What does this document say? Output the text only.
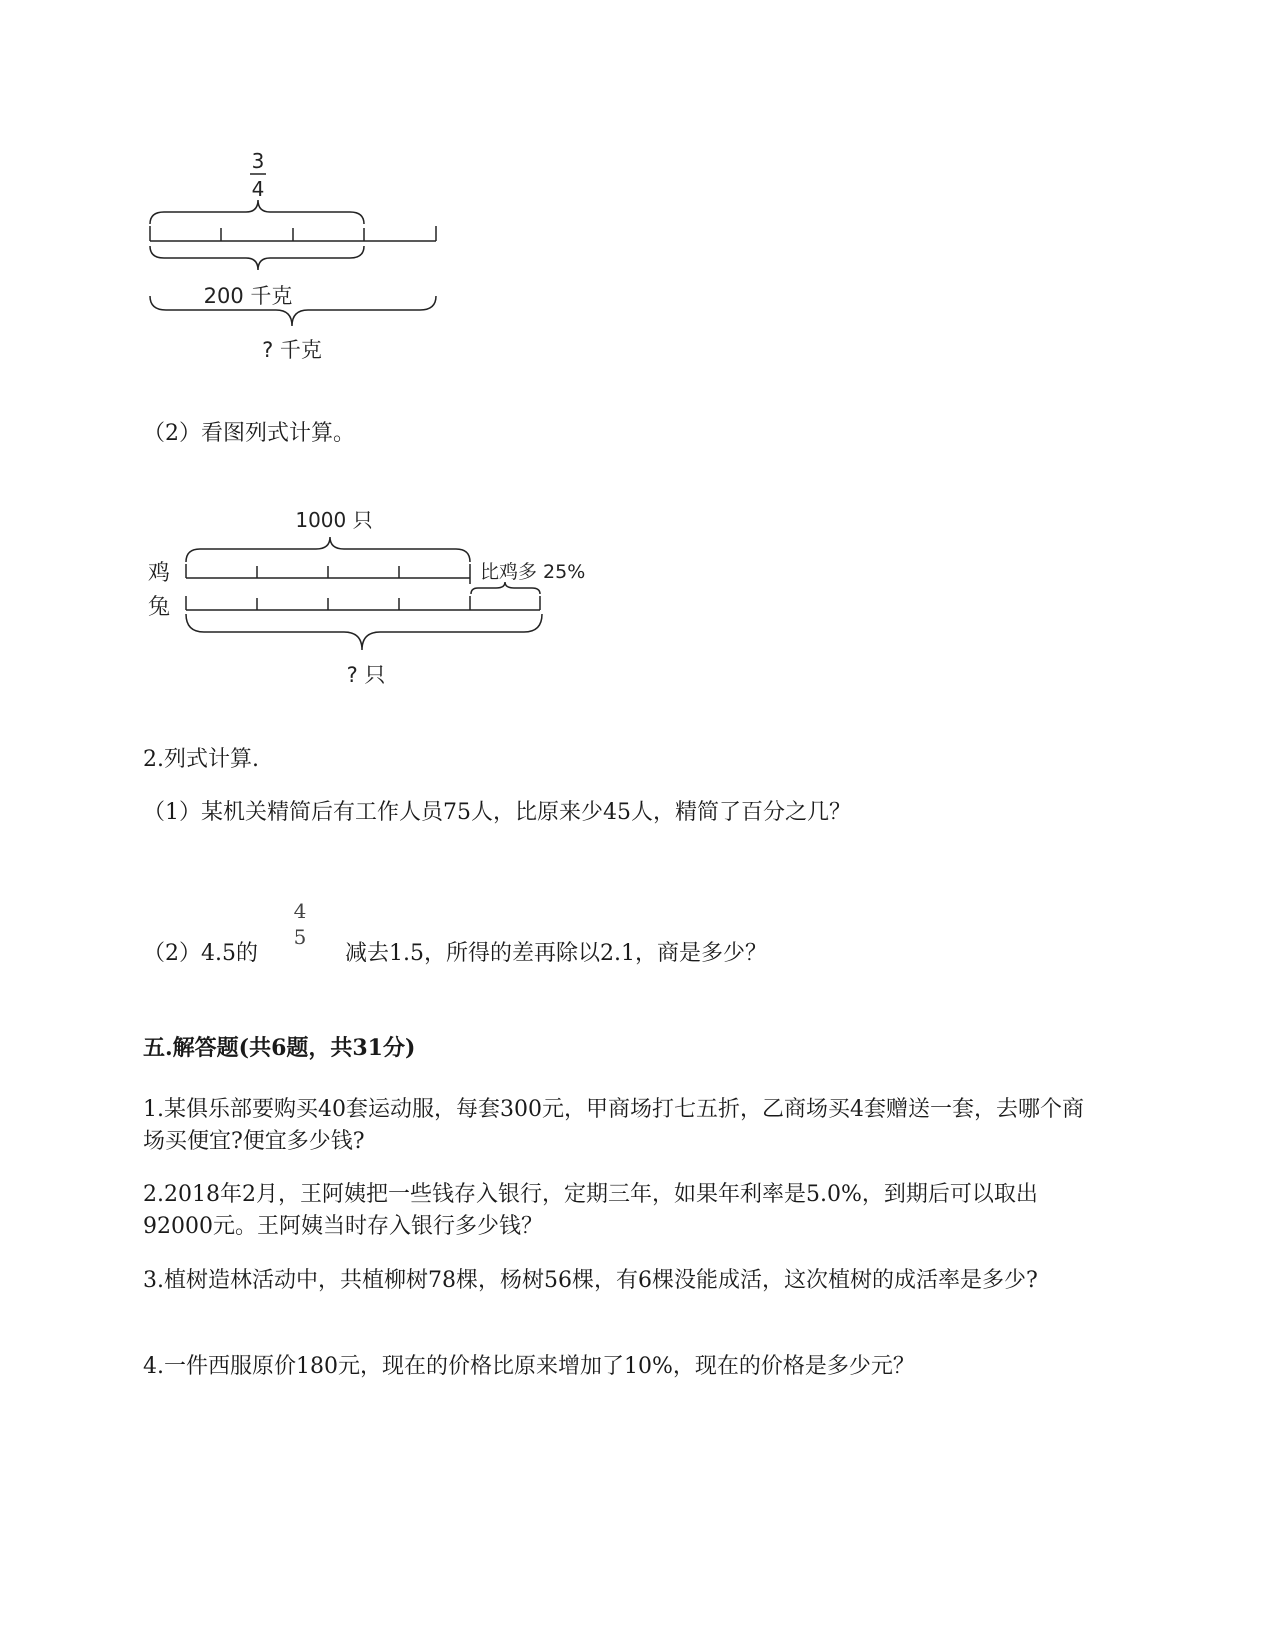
3
4
200 千克
? 千克
（2）看图列式计算。
1000 只
鸡	比鸡多 25%
兔
? 只
2.列式计算.
（1）某机关精简后有工作人员75人，比原来少45人，精简了百分之几？
（2）4.5的
4
5
减去1.5，所得的差再除以2.1，商是多少？
五.解答题(共6题，共31分)
1.某俱乐部要购买40套运动服，每套300元，甲商场打七五折，乙商场买4套赠送一套，去哪个商场买便宜?便宜多少钱?
2.2018年2月，王阿姨把一些钱存入银行，定期三年，如果年利率是5.0%，到期后可以取出92000元。王阿姨当时存入银行多少钱？
3.植树造林活动中，共植柳树78棵，杨树56棵，有6棵没能成活，这次植树的成活率是多少?
4.一件西服原价180元，现在的价格比原来增加了10%，现在的价格是多少元？
